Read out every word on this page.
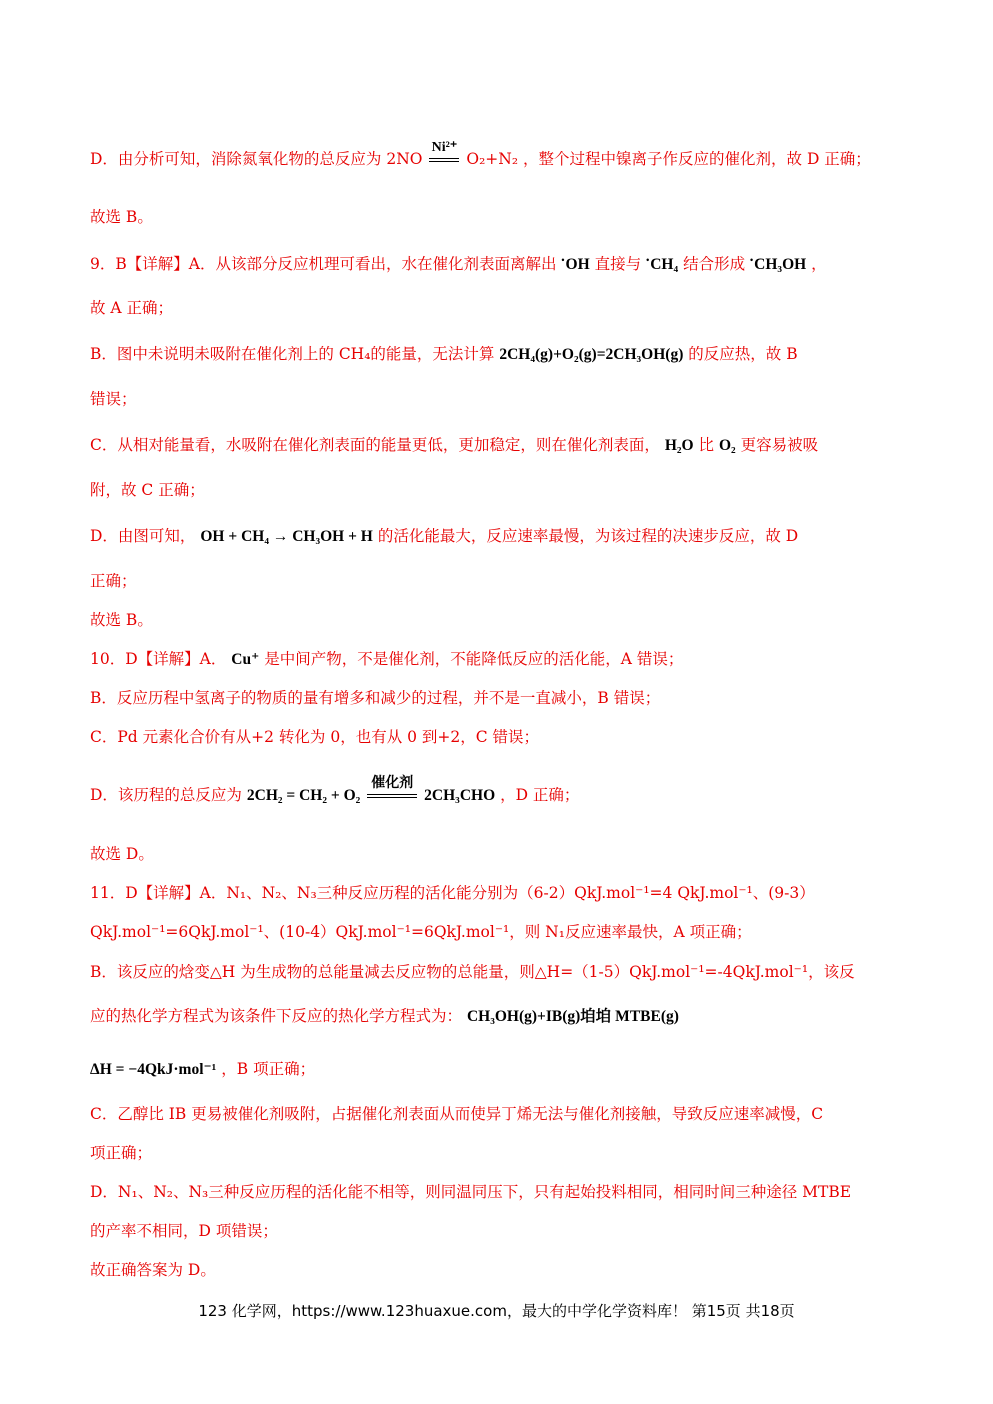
D．由分析可知，消除氮氧化物的总反应为 2NO
Ni²⁺
O₂+N₂ ，整个过程中镍离子作反应的催化剂，故 D 正确；
故选 B。
9．B【详解】A．从该部分反应机理可看出，水在催化剂表面离解出 •OH 直接与 •CH₄ 结合形成 •CH₃OH ，
故 A 正确；
B．图中未说明未吸附在催化剂上的 CH₄的能量，无法计算 2CH₄(g)+O₂(g)=2CH₃OH(g) 的反应热，故 B
错误；
C．从相对能量看，水吸附在催化剂表面的能量更低，更加稳定，则在催化剂表面， H₂O 比 O₂ 更容易被吸
附，故 C 正确；
D．由图可知， OH + CH₄ → CH₃OH + H 的活化能最大，反应速率最慢，为该过程的决速步反应，故 D
正确；
故选 B。
10．D【详解】A． Cu⁺ 是中间产物，不是催化剂，不能降低反应的活化能，A 错误；
B．反应历程中氢离子的物质的量有增多和减少的过程，并不是一直减小，B 错误；
C．Pd 元素化合价有从+2 转化为 0，也有从 0 到+2，C 错误；
D．该历程的总反应为 2CH₂ = CH₂ + O₂
催化剂
2CH₃CHO ，D 正确；
故选 D。
11．D【详解】A．N₁、N₂、N₃三种反应历程的活化能分别为（6-2）QkJ.mol⁻¹=4 QkJ.mol⁻¹、(9-3）
QkJ.mol⁻¹=6QkJ.mol⁻¹、(10-4）QkJ.mol⁻¹=6QkJ.mol⁻¹，则 N₁反应速率最快，A 项正确；
B．该反应的焓变△H 为生成物的总能量减去反应物的总能量，则△H=（1-5）QkJ.mol⁻¹=-4QkJ.mol⁻¹，该反
应的热化学方程式为该条件下反应的热化学方程式为： CH₃OH(g)+IB(g)垍垍 MTBE(g)
ΔH = −4QkJ·mol⁻¹ ，B 项正确；
C．乙醇比 IB 更易被催化剂吸附，占据催化剂表面从而使异丁烯无法与催化剂接触，导致反应速率减慢，C
项正确；
D．N₁、N₂、N₃三种反应历程的活化能不相等，则同温同压下，只有起始投料相同，相同时间三种途径 MTBE
的产率不相同，D 项错误；
故正确答案为 D。
123 化学网，https://www.123huaxue.com，最大的中学化学资料库！ 第15页 共18页
